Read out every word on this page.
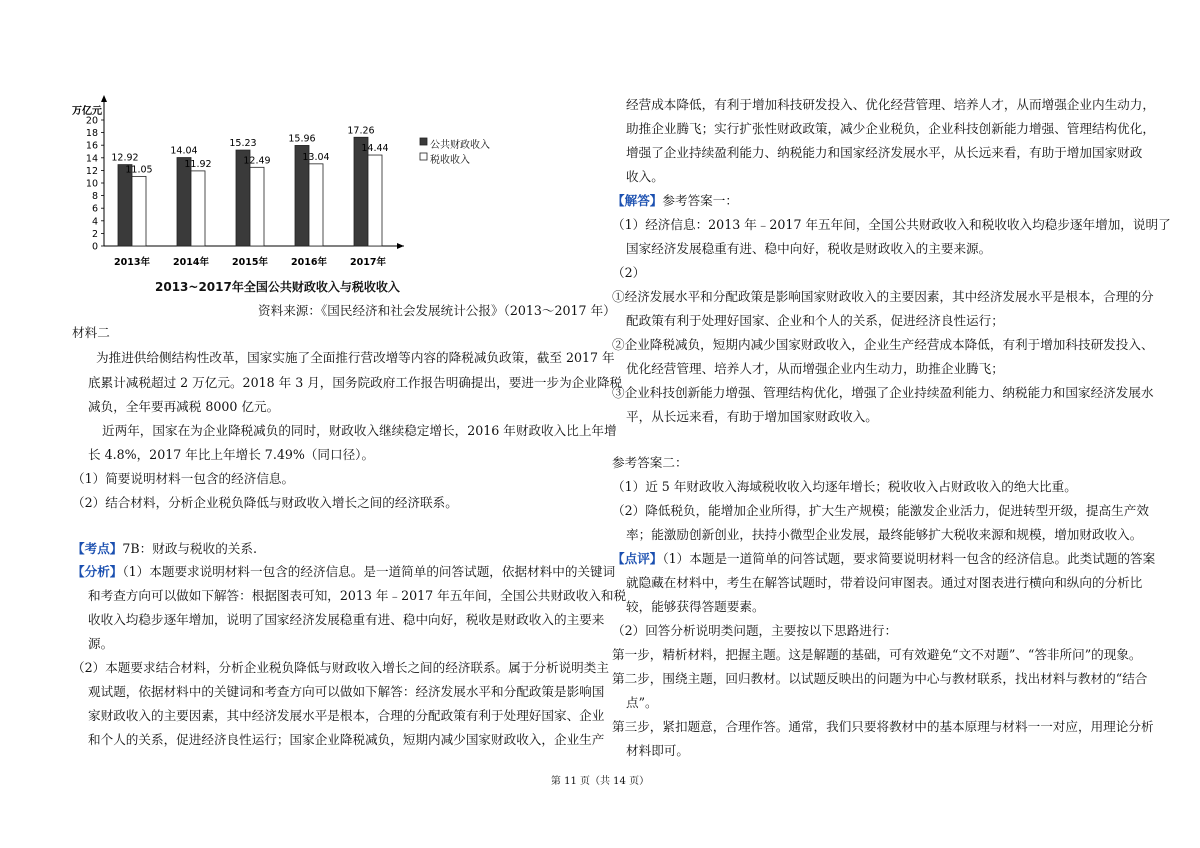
万亿元
0
2
4
6
8
10
12
14
16
18
20
12.92
11.05
14.04
11.92
15.23
12.49
15.96
13.04
17.26
14.44
2013年 2014年 2015年 2016年 2017年
2013~2017年全国公共财政收入与税收收入
资料来源：《国民经济和社会发展统计公报》（2013～2017 年）
材料二
为推进供给侧结构性改革，国家实施了全面推行营改增等内容的降税减负政策，截至 2017 年
底累计减税超过 2 万亿元。2018 年 3 月，国务院政府工作报告明确提出，要进一步为企业降税
减负，全年要再减税 8000 亿元。
近两年，国家在为企业降税减负的同时，财政收入继续稳定增长，2016 年财政收入比上年增
长 4.8%，2017 年比上年增长 7.49%（同口径）。
（1）简要说明材料一包含的经济信息。
（2）结合材料，分析企业税负降低与财政收入增长之间的经济联系。
【考点】7B：财政与税收的关系.
【分析】（1）本题要求说明材料一包含的经济信息。是一道简单的问答试题，依据材料中的关键词
和考查方向可以做如下解答：根据图表可知，2013 年﹣2017 年五年间，全国公共财政收入和税
收收入均稳步逐年增加，说明了国家经济发展稳重有进、稳中向好，税收是财政收入的主要来
源。
（2）本题要求结合材料，分析企业税负降低与财政收入增长之间的经济联系。属于分析说明类主
观试题，依据材料中的关键词和考查方向可以做如下解答：经济发展水平和分配政策是影响国
家财政收入的主要因素，其中经济发展水平是根本，合理的分配政策有利于处理好国家、企业
和个人的关系，促进经济良性运行；国家企业降税减负，短期内减少国家财政收入，企业生产
经营成本降低，有利于增加科技研发投入、优化经营管理、培养人才，从而增强企业内生动力，
助推企业腾飞；实行扩张性财政政策，减少企业税负，企业科技创新能力增强、管理结构优化，
增强了企业持续盈利能力、纳税能力和国家经济发展水平，从长远来看，有助于增加国家财政
收入。
【解答】参考答案一：
（1）经济信息：2013 年﹣2017 年五年间，全国公共财政收入和税收收入均稳步逐年增加，说明了
国家经济发展稳重有进、稳中向好，税收是财政收入的主要来源。
（2）
①经济发展水平和分配政策是影响国家财政收入的主要因素，其中经济发展水平是根本，合理的分
配政策有利于处理好国家、企业和个人的关系，促进经济良性运行；
②企业降税减负，短期内减少国家财政收入，企业生产经营成本降低，有利于增加科技研发投入、
优化经营管理、培养人才，从而增强企业内生动力，助推企业腾飞；
③企业科技创新能力增强、管理结构优化，增强了企业持续盈利能力、纳税能力和国家经济发展水
平，从长远来看，有助于增加国家财政收入。
参考答案二：
（1）近 5 年财政收入海域税收收入均逐年增长；税收收入占财政收入的绝大比重。
（2）降低税负，能增加企业所得，扩大生产规模；能激发企业活力，促进转型开级，提高生产效
率；能激励创新创业，扶持小微型企业发展，最终能够扩大税收来源和规模，增加财政收入。
【点评】（1）本题是一道简单的问答试题，要求简要说明材料一包含的经济信息。此类试题的答案
就隐藏在材料中，考生在解答试题时，带着设问审图表。通过对图表进行横向和纵向的分析比
较，能够获得答题要素。
（2）回答分析说明类问题，主要按以下思路进行：
第一步，精析材料，把握主题。这是解题的基础，可有效避免“文不对题”、“答非所问”的现象。
第二步，围绕主题，回归教材。以试题反映出的问题为中心与教材联系，找出材料与教材的“结合
点”。
第三步，紧扣题意，合理作答。通常，我们只要将教材中的基本原理与材料一一对应，用理论分析
材料即可。
第 11 页（共 14 页）
公共财政收入
税收收入
